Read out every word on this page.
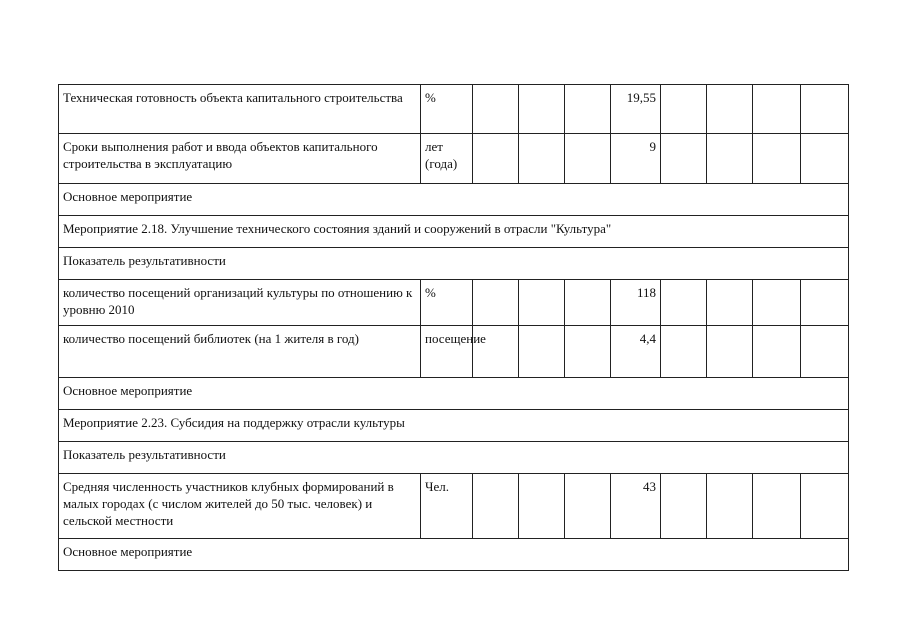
Техническая готовность объекта капитального строительства	%				19,55				
Сроки выполнения работ и ввода объектов капитального строительства в эксплуатацию	лет (года)				9				
Основное мероприятие									
Мероприятие 2.18. Улучшение технического состояния зданий и сооружений в отрасли "Культура"									
Показатель результативности									
количество посещений организаций культуры по отношению к уровню 2010	%				118				
количество посещений библиотек (на 1 жителя в год)	посещение				4,4				
Основное мероприятие									
Мероприятие 2.23. Субсидия на поддержку отрасли культуры									
Показатель результативности									
Средняя численность участников клубных формирований в малых городах (с числом жителей до 50 тыс. человек) и сельской местности	Чел.				43				
Основное мероприятие									
